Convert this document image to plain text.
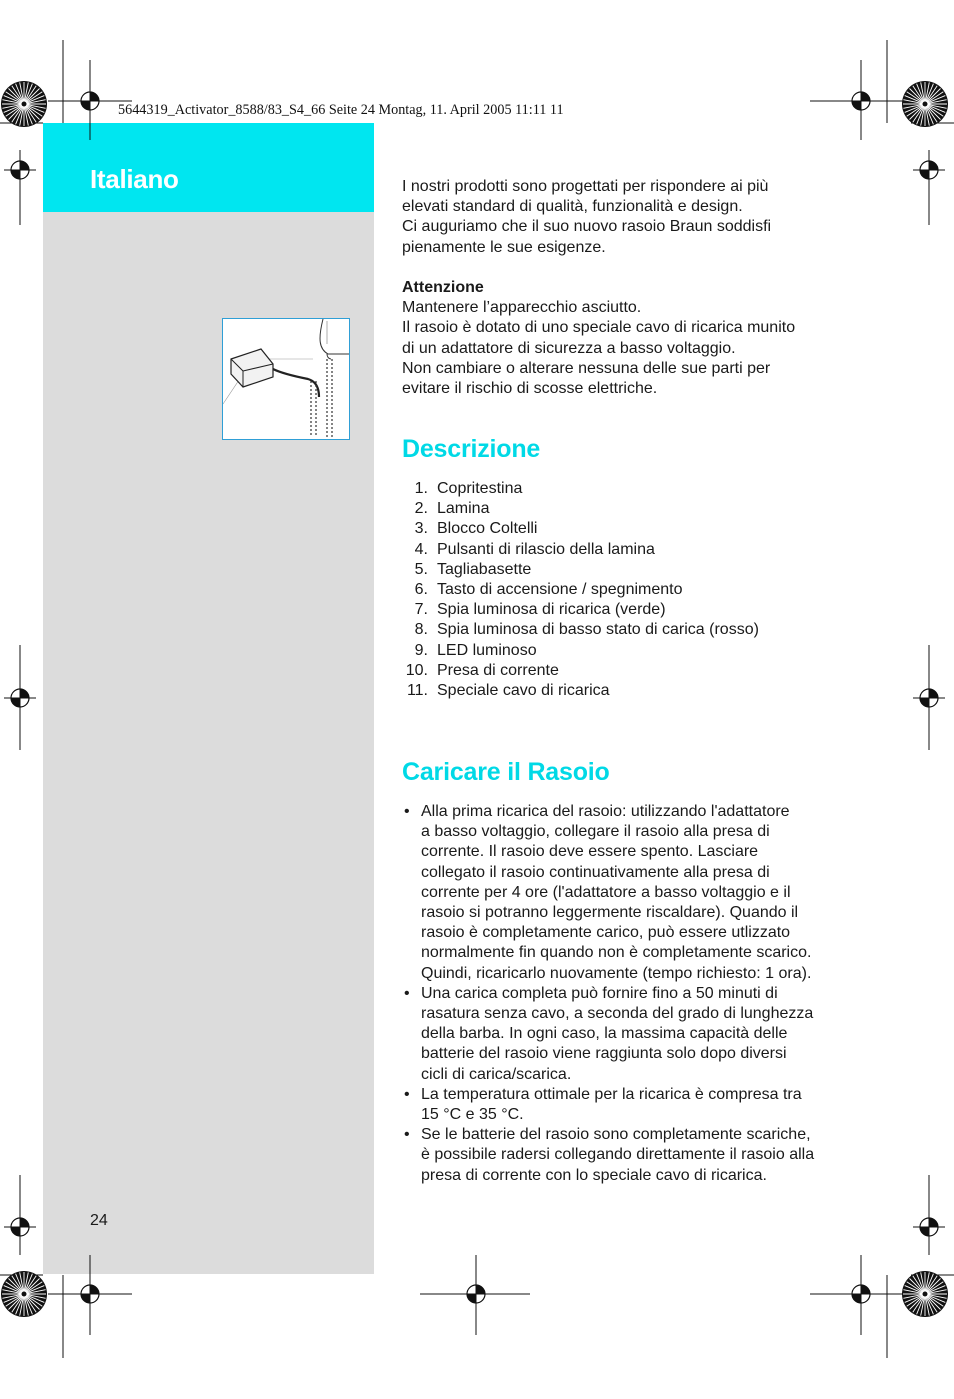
Italiano
5644319_Activator_8588/83_S4_66 Seite 24 Montag, 11. April 2005 11:11 11
I nostri prodotti sono progettati per rispondere ai più
elevati standard di qualità, funzionalità e design.
Ci auguriamo che il suo nuovo rasoio Braun soddisfi
pienamente le sue esigenze.
Attenzione
Mantenere l’apparecchio asciutto.
Il rasoio è dotato di uno speciale cavo di ricarica munito
di un adattatore di sicurezza a basso voltaggio.
Non cambiare o alterare nessuna delle sue parti per
evitare il rischio di scosse elettriche.
Descrizione
1. Copritestina
2. Lamina
3. Blocco Coltelli
4. Pulsanti di rilascio della lamina
5. Tagliabasette
6. Tasto di accensione / spegnimento
7. Spia luminosa di ricarica (verde)
8. Spia luminosa di basso stato di carica (rosso)
9. LED luminoso
10. Presa di corrente
11. Speciale cavo di ricarica
Caricare il Rasoio
• Alla prima ricarica del rasoio: utilizzando l'adattatore
a basso voltaggio, collegare il rasoio alla presa di
corrente. Il rasoio deve essere spento. Lasciare
collegato il rasoio continuativamente alla presa di
corrente per 4 ore (l'adattatore a basso voltaggio e il
rasoio si potranno leggermente riscaldare). Quando il
rasoio è completamente carico, può essere utlizzato
normalmente fin quando non è completamente scarico.
Quindi, ricaricarlo nuovamente (tempo richiesto: 1 ora).
• Una carica completa può fornire fino a 50 minuti di
rasatura senza cavo, a seconda del grado di lunghezza
della barba. In ogni caso, la massima capacità delle
batterie del rasoio viene raggiunta solo dopo diversi
cicli di carica/scarica.
• La temperatura ottimale per la ricarica è compresa tra
15 °C e 35 °C.
• Se le batterie del rasoio sono completamente scariche,
è possibile radersi collegando direttamente il rasoio alla
presa di corrente con lo speciale cavo di ricarica.
24
